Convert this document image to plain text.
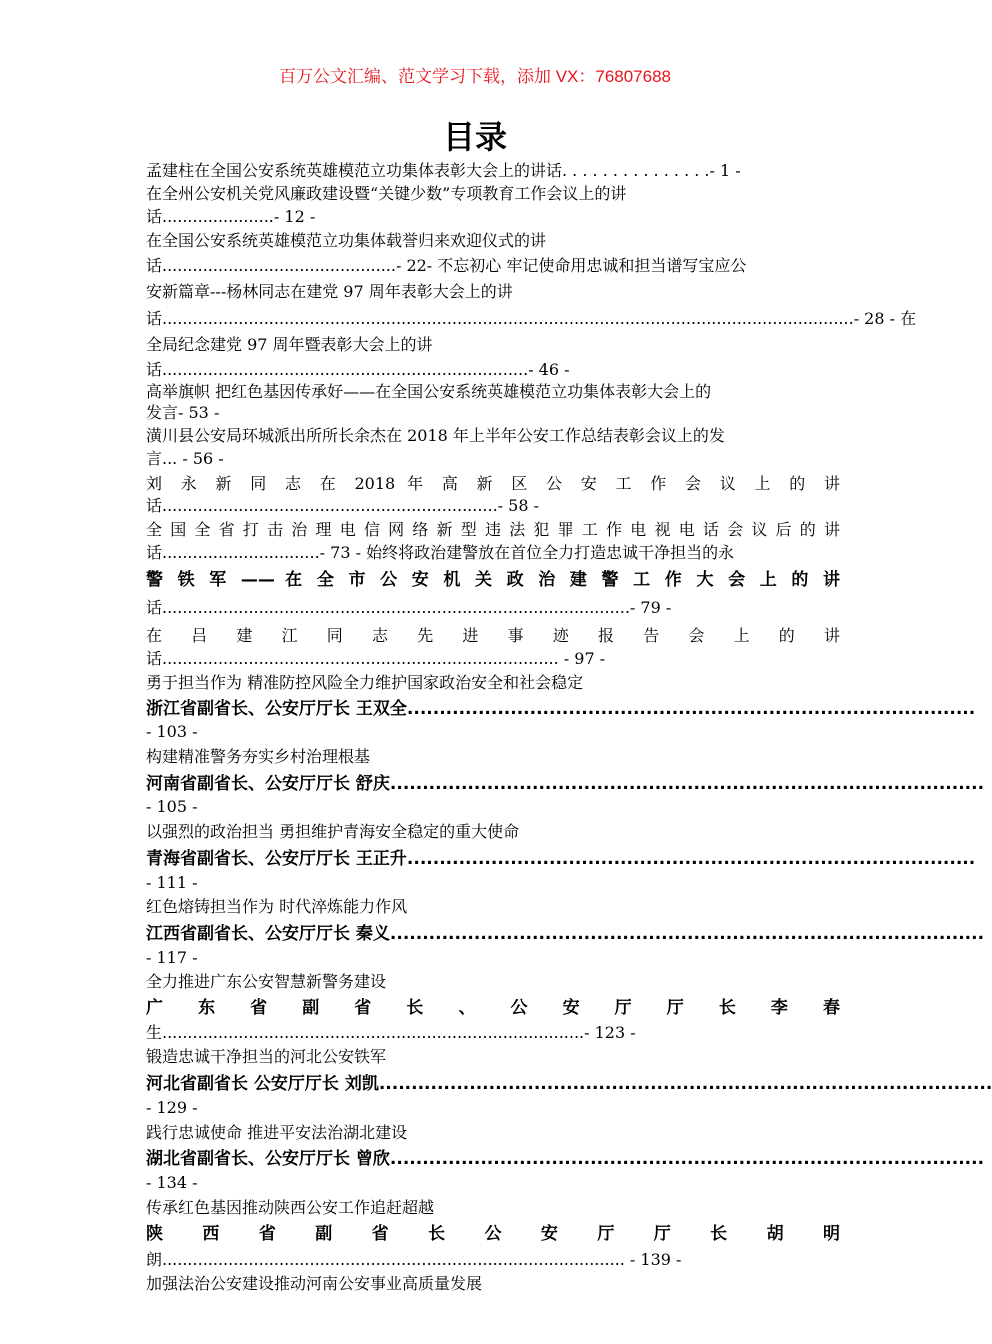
百万公文汇编、范文学习下载，添加 VX：76807688
目录
孟建柱在全国公安系统英雄模范立功集体表彰大会上的讲话. . . . . . . . . . . . . . .- 1 -
在全州公安机关党风廉政建设暨“关键少数”专项教育工作会议上的讲
话......................- 12 -
在全国公安系统英雄模范立功集体载誉归来欢迎仪式的讲
话..............................................- 22- 不忘初心 牢记使命用忠诚和担当谱写宝应公
安新篇章---杨林同志在建党 97 周年表彰大会上的讲
话........................................................................................................................................- 28 - 在
全局纪念建党 97 周年暨表彰大会上的讲
话........................................................................- 46 -
高举旗帜 把红色基因传承好——在全国公安系统英雄模范立功集体表彰大会上的
发言- 53 -
潢川县公安局环城派出所所长余杰在 2018 年上半年公安工作总结表彰会议上的发
言... - 56 -
刘 永 新 同 志 在 2018 年 高 新 区 公 安 工 作 会 议 上 的 讲
话..................................................................- 58 -
全国全省打击治理电信网络新型违法犯罪工作电视电话会议后的讲
话...............................- 73 - 始终将政治建警放在首位全力打造忠诚干净担当的永
警 铁 军 —— 在 全 市 公 安 机 关 政 治 建 警 工 作 大 会 上 的 讲
话............................................................................................- 79 -
在 吕 建 江 同 志 先 进 事 迹 报 告 会 上 的 讲
话.............................................................................. - 97 -
勇于担当作为 精准防控风险全力维护国家政治安全和社会稳定
浙江省副省长、公安厅厅长 王双全........................................................................................
- 103 -
构建精准警务夯实乡村治理根基
河南省副省长、公安厅厅长 舒庆............................................................................................
- 105 -
以强烈的政治担当 勇担维护青海安全稳定的重大使命
青海省副省长、公安厅厅长 王正升........................................................................................
- 111 -
红色熔铸担当作为 时代淬炼能力作风
江西省副省长、公安厅厅长 秦义............................................................................................
- 117 -
全力推进广东公安智慧新警务建设
广 东 省 副 省 长 、 公 安 厅 厅 长 李 春
生...................................................................................- 123 -
锻造忠诚干净担当的河北公安铁军
河北省副省长 公安厅厅长 刘凯...............................................................................................
- 129 -
践行忠诚使命 推进平安法治湖北建设
湖北省副省长、公安厅厅长 曾欣............................................................................................
- 134 -
传承红色基因推动陕西公安工作追赶超越
陕 西 省 副 省 长 公 安 厅 厅 长 胡 明
朗........................................................................................... - 139 -
加强法治公安建设推动河南公安事业高质量发展
